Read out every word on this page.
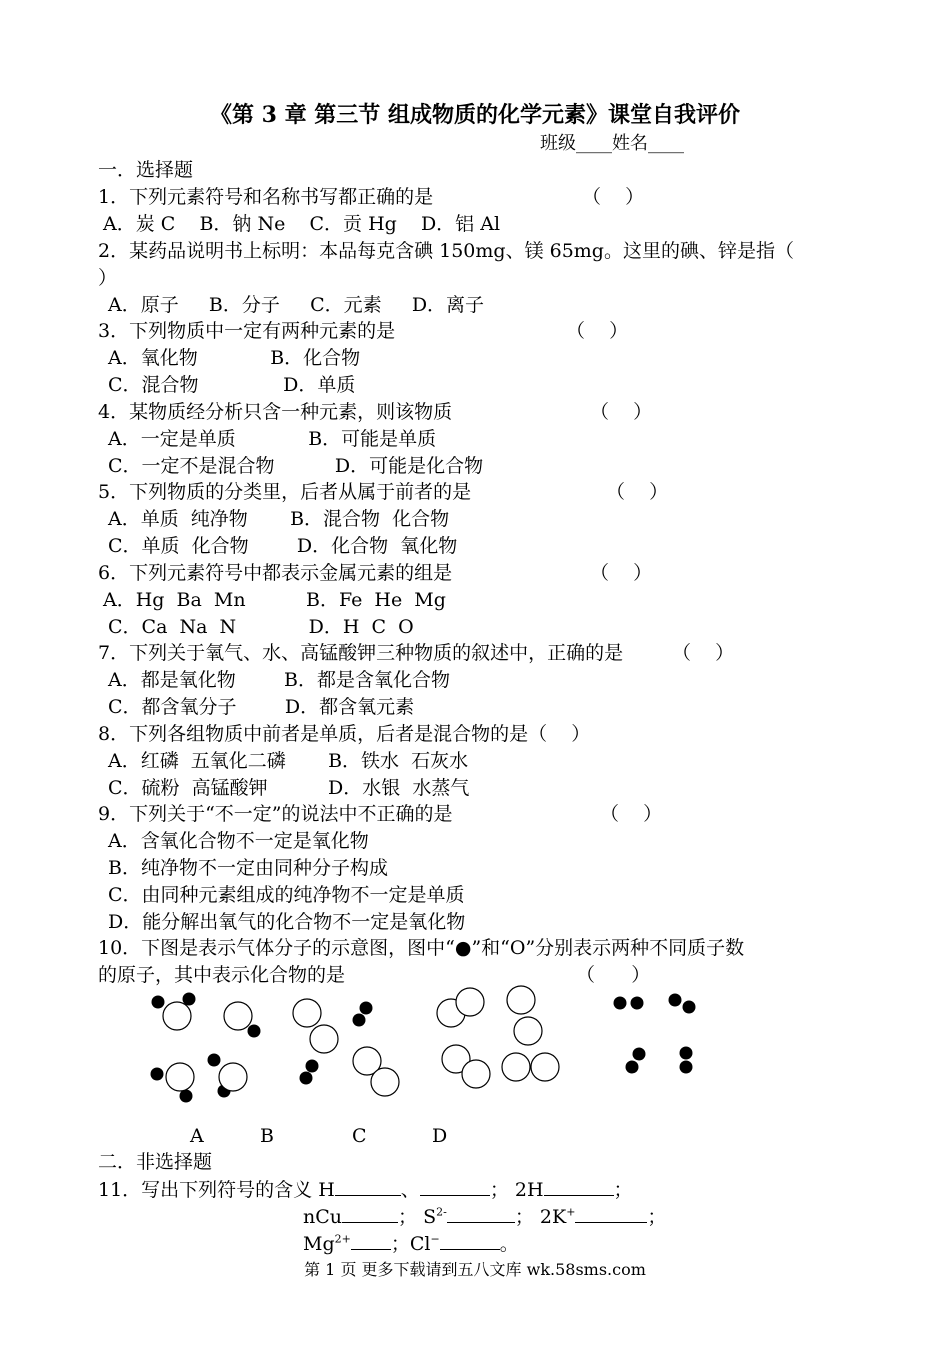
《第 3 章 第三节 组成物质的化学元素》课堂自我评价
班级____姓名____
一．选择题
1．下列元素符号和名称书写都正确的是	（    ）
A．炭 C    B．钠 Ne    C．贡 Hg    D．铝 Al
2．某药品说明书上标明：本品每克含碘 150mg、镁 65mg。这里的碘、锌是指（
）
A．原子     B．分子     C．元素     D．离子
3．下列物质中一定有两种元素的是	（    ）
A．氧化物            B．化合物
C．混合物              D．单质
4．某物质经分析只含一种元素，则该物质	（    ）
A．一定是单质            B．可能是单质
C．一定不是混合物          D．可能是化合物
5．下列物质的分类里，后者从属于前者的是	（    ）
A．单质  纯净物       B．混合物  化合物
C．单质  化合物        D．化合物  氧化物
6．下列元素符号中都表示金属元素的组是	（    ）
A．Hg  Ba  Mn          B．Fe  He  Mg
C．Ca  Na  N            D．H  C  O
7．下列关于氧气、水、高锰酸钾三种物质的叙述中，正确的是	（    ）
A．都是氧化物        B．都是含氧化合物
C．都含氧分子        D．都含氧元素
8．下列各组物质中前者是单质，后者是混合物的是（    ）
A．红磷  五氧化二磷       B．铁水  石灰水
C．硫粉  高锰酸钾          D．水银  水蒸气
9．下列关于“不一定”的说法中不正确的是	（    ）
A．含氧化合物不一定是氧化物
B．纯净物不一定由同种分子构成
C．由同种元素组成的纯净物不一定是单质
D．能分解出氧气的化合物不一定是氧化物
10．下图是表示气体分子的示意图，图中“●”和“O”分别表示两种不同质子数
的原子，其中表示化合物的是	（      ）
A	B	C	D
二．非选择题
11．写出下列符号的含义 H	、	； 2H	；
nCu	； $S^{2-}$	； 2K+	；
$Mg^{2+}$ ；Cl−	。
第 1 页 更多下载请到五八文库 wk.58sms.com
